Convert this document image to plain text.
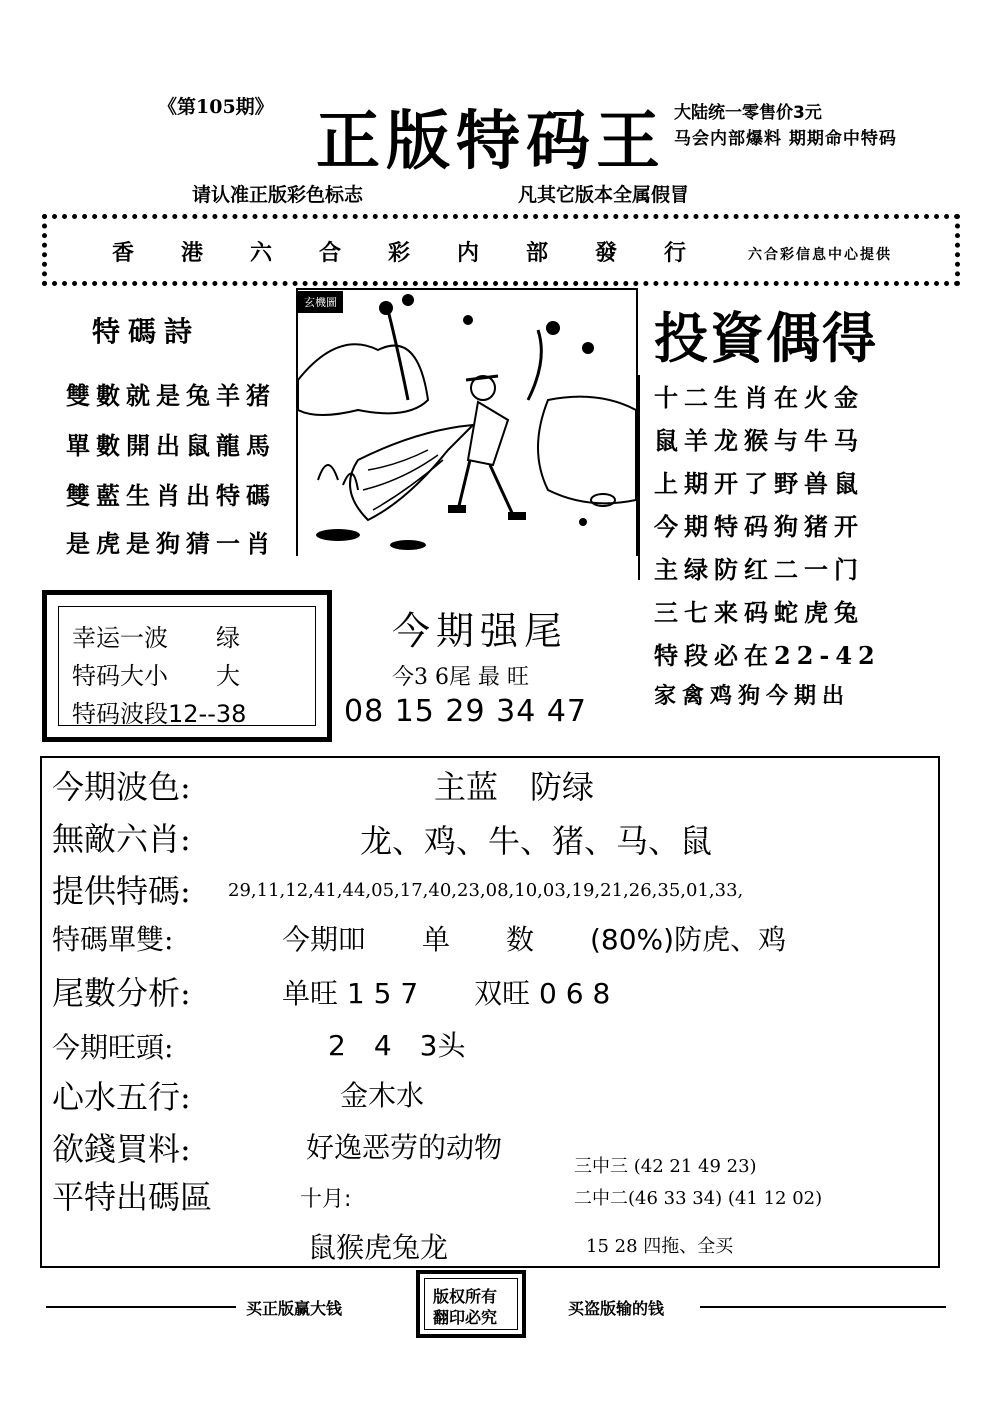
《第105期》 正版特码王 大陆统一零售价3元
马会内部爆料 期期命中特码
请认准正版彩色标志	凡其它版本全属假冒
香港六合彩内部發行 六合彩信息中心提供
特碼詩
雙數就是兔羊猪
單數開出鼠龍馬
雙藍生肖出特碼
是虎是狗猜一肖
玄機圖
投資偶得
十二生肖在火金
鼠羊龙猴与牛马
上期开了野兽鼠
今期特码狗猪开
主绿防红二一门
三七来码蛇虎兔
特段必在22-42
家禽鸡狗今期出
幸运一波　　绿
特码大小　　大
特码波段12--38
今期强尾
今3 6尾 最 旺
08 15 29 34 47
今期波色:	主蓝　防绿
無敵六肖:	龙、鸡、牛、猪、马、鼠
提供特碼: 29,11,12,41,44,05,17,40,23,08,10,03,19,21,26,35,01,33,
特碼單雙:	今期吅　　单　　数　　(80%)防虎、鸡
尾數分析:	单旺 1 5 7　　双旺 0 6 8
今期旺頭:	2　4　3头
心水五行:	金木水
欲錢買料:	好逸恶劳的动物
平特出碼區	十月:
鼠猴虎兔龙
三中三 (42 21 49 23)
二中二(46 33 34) (41 12 02)
15 28 四拖、全买
买正版赢大钱	买盗版输的钱
版权所有
翻印必究
